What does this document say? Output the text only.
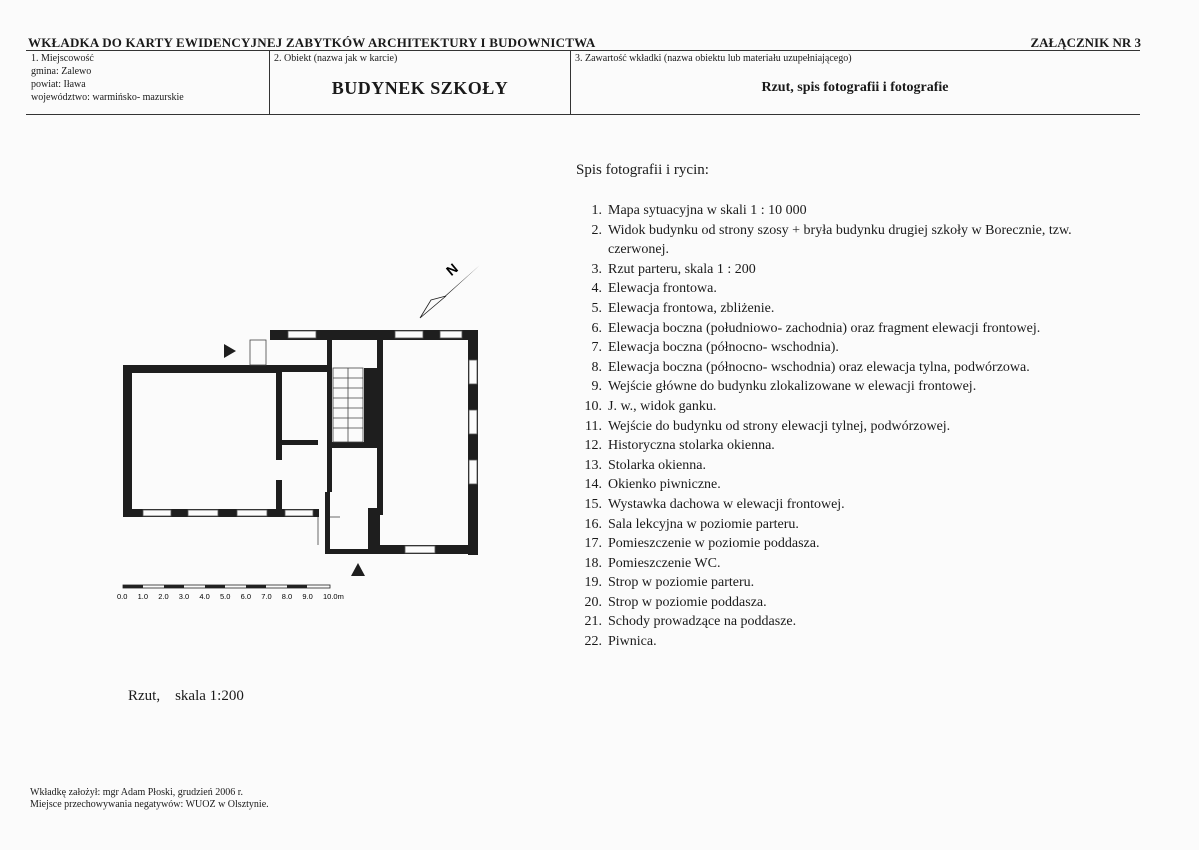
WKŁADKA DO KARTY EWIDENCYJNEJ ZABYTKÓW ARCHITEKTURY I BUDOWNICTWA	ZAŁĄCZNIK NR 3
1. Miejscowość
gmina: Zalewo
powiat: Iława
województwo: warmińsko- mazurskie
2. Obiekt (nazwa jak w karcie)
BUDYNEK SZKOŁY
3. Zawartość wkładki (nazwa obiektu lub materiału uzupełniającego)
Rzut, spis fotografii i fotografie
Spis fotografii i rycin:
1. Mapa sytuacyjna w skali 1 : 10 000
2. Widok budynku od strony szosy + bryła budynku drugiej szkoły w Borecznie, tzw. czerwonej.
3. Rzut parteru, skala 1 : 200
4. Elewacja frontowa.
5. Elewacja frontowa, zbliżenie.
6. Elewacja boczna (południowo- zachodnia) oraz fragment elewacji frontowej.
7. Elewacja boczna (północno- wschodnia).
8. Elewacja boczna (północno- wschodnia) oraz elewacja tylna, podwórzowa.
9. Wejście główne do budynku zlokalizowane w elewacji frontowej.
10. J. w., widok ganku.
11. Wejście do budynku od strony elewacji tylnej, podwórzowej.
12. Historyczna stolarka okienna.
13. Stolarka okienna.
14. Okienko piwniczne.
15. Wystawka dachowa w elewacji frontowej.
16. Sala lekcyjna w poziomie parteru.
17. Pomieszczenie w poziomie poddasza.
18. Pomieszczenie WC.
19. Strop w poziomie parteru.
20. Strop w poziomie poddasza.
21. Schody prowadzące na poddasze.
22. Piwnica.
N
0.0 1.0 2.0 3.0 4.0 5.0 6.0 7.0 8.0 9.0 10.0m
Rzut,    skala 1:200
Wkładkę założył: mgr Adam Płoski, grudzień 2006 r.
Miejsce przechowywania negatywów: WUOZ w Olsztynie.
